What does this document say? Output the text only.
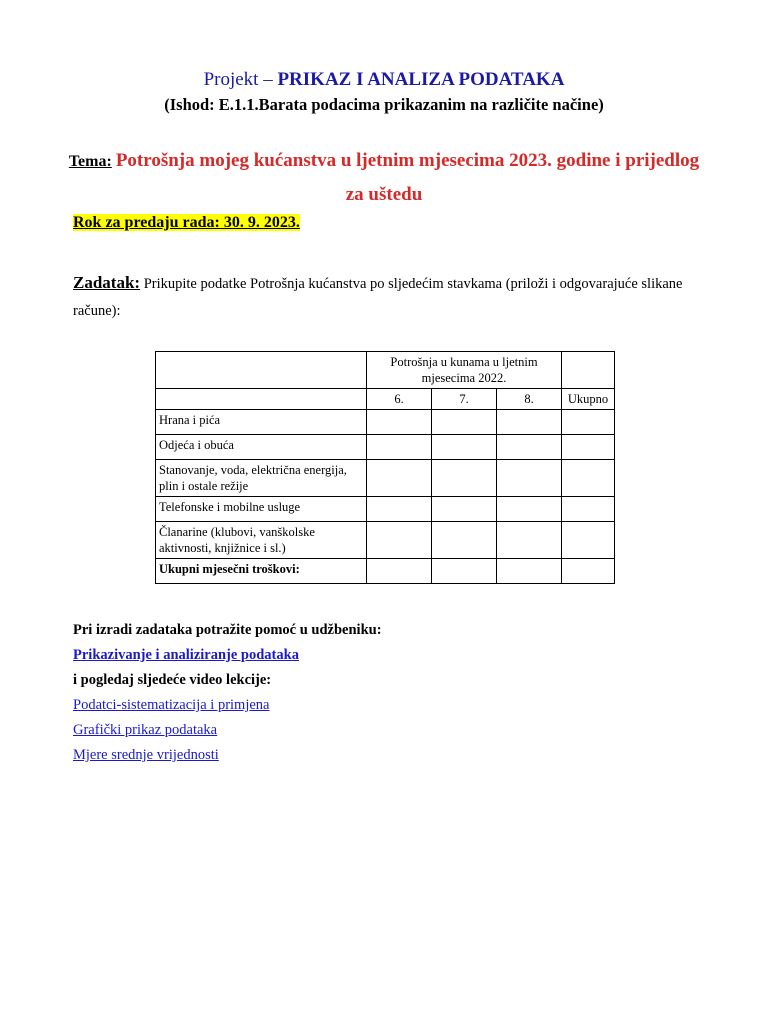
Projekt – PRIKAZ I ANALIZA PODATAKA
(Ishod: E.1.1.Barata podacima prikazanim na različite načine)
Tema: Potrošnja mojeg kućanstva u ljetnim mjesecima 2023. godine i prijedlog za uštedu
Rok za predaju rada: 30. 9. 2023.
Zadatak: Prikupite podatke Potrošnja kućanstva po sljedećim stavkama (priloži i odgovarajuće slikane račune):
	Potrošnja u kunama u ljetnim mjesecima 2022.			
	6.	7.	8.	Ukupno
Hrana i pića				
Odjeća i obuća				
Stanovanje, voda, električna energija, plin i ostale režije				
Telefonske i mobilne usluge				
Članarine (klubovi, vanškolske aktivnosti, knjižnice i sl.)				
Ukupni mjesečni troškovi:				
Pri izradi zadataka potražite pomoć u udžbeniku:
Prikazivanje i analiziranje podataka
i pogledaj sljedeće video lekcije:
Podatci-sistematizacija i primjena
Grafički prikaz podataka
Mjere srednje vrijednosti
